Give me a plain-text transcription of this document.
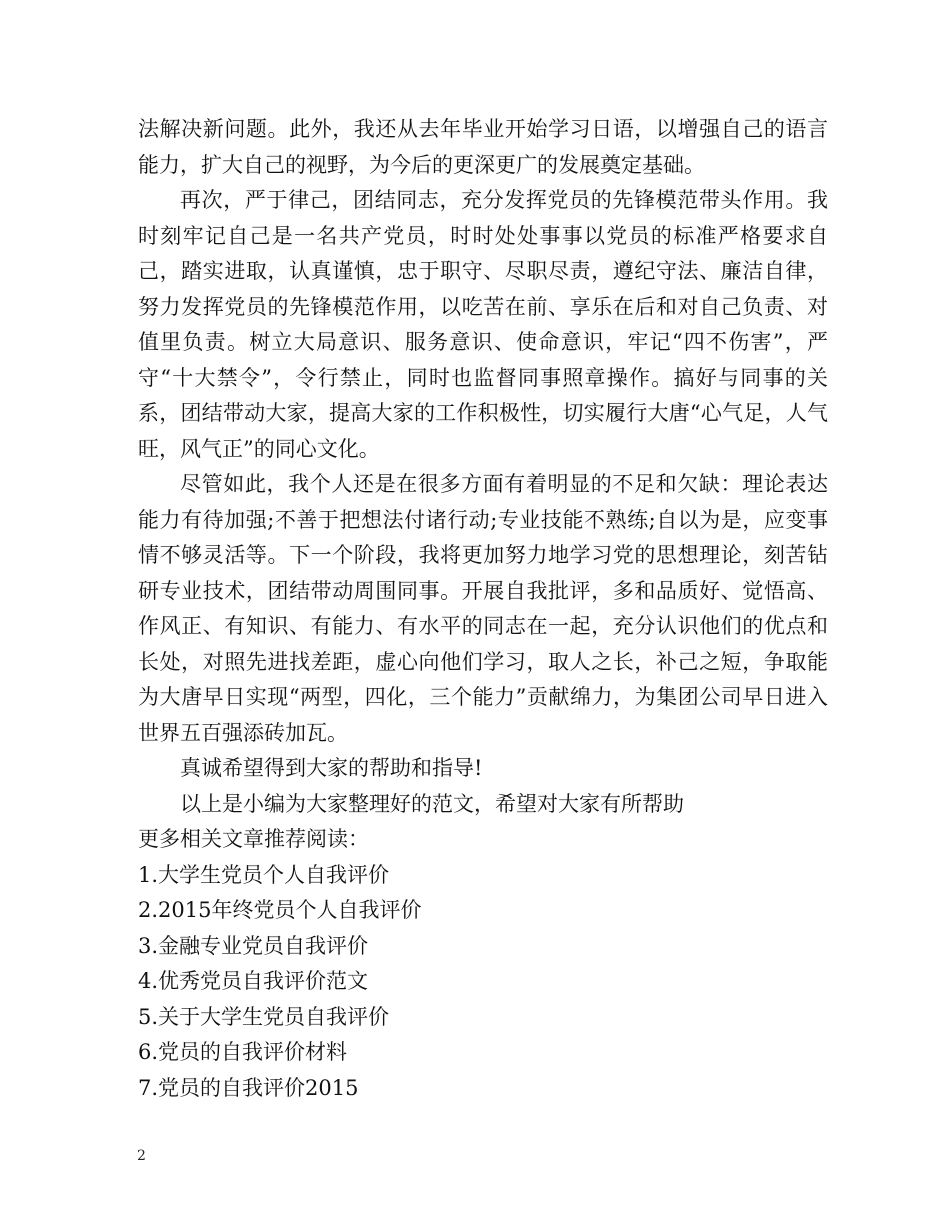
法解决新问题。此外，我还从去年毕业开始学习日语，以增强自己的语言能力，扩大自己的视野，为今后的更深更广的发展奠定基础。

再次，严于律己，团结同志，充分发挥党员的先锋模范带头作用。我时刻牢记自己是一名共产党员，时时处处事事以党员的标准严格要求自己，踏实进取，认真谨慎，忠于职守、尽职尽责，遵纪守法、廉洁自律，努力发挥党员的先锋模范作用，以吃苦在前、享乐在后和对自己负责、对值里负责。树立大局意识、服务意识、使命意识，牢记“四不伤害”，严守“十大禁令”，令行禁止，同时也监督同事照章操作。搞好与同事的关系，团结带动大家，提高大家的工作积极性，切实履行大唐“心气足，人气旺，风气正”的同心文化。

尽管如此，我个人还是在很多方面有着明显的不足和欠缺：理论表达能力有待加强;不善于把想法付诸行动;专业技能不熟练;自以为是，应变事情不够灵活等。下一个阶段，我将更加努力地学习党的思想理论，刻苦钻研专业技术，团结带动周围同事。开展自我批评，多和品质好、觉悟高、作风正、有知识、有能力、有水平的同志在一起，充分认识他们的优点和长处，对照先进找差距，虚心向他们学习，取人之长，补己之短，争取能为大唐早日实现“两型，四化，三个能力”贡献绵力，为集团公司早日进入世界五百强添砖加瓦。

真诚希望得到大家的帮助和指导!

以上是小编为大家整理好的范文，希望对大家有所帮助

更多相关文章推荐阅读：

1.大学生党员个人自我评价

2.2015年终党员个人自我评价

3.金融专业党员自我评价

4.优秀党员自我评价范文

5.关于大学生党员自我评价

6.党员的自我评价材料

7.党员的自我评价2015

2
